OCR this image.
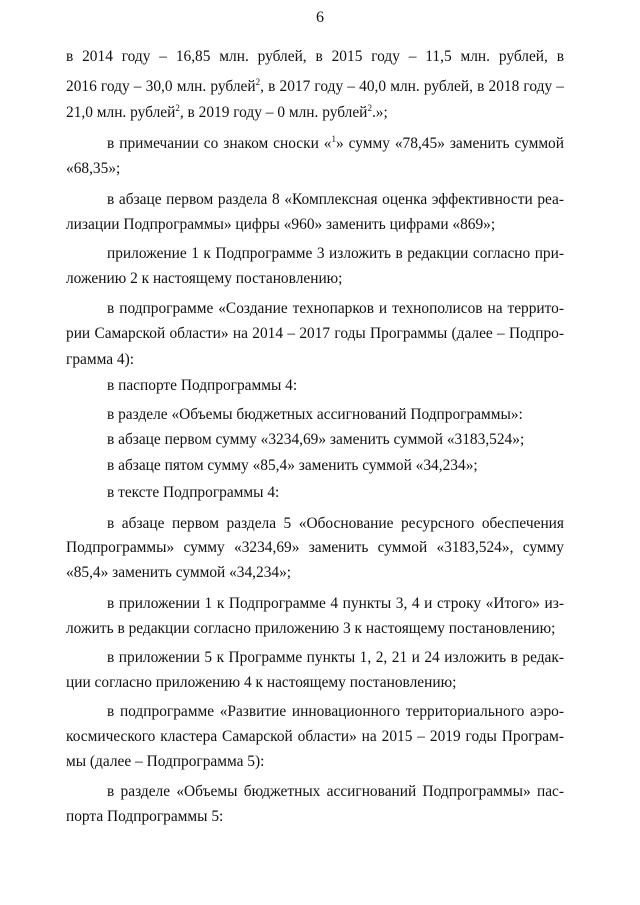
6
в 2014 году – 16,85 млн. рублей, в 2015 году – 11,5 млн. рублей, в
2016 году – 30,0 млн. рублей$^2$, в 2017 году – 40,0 млн. рублей, в 2018 году –
21,0 млн. рублей$^2$, в 2019 году – 0 млн. рублей$^2$.»;
в примечании со знаком сноски «$^1$» сумму «78,45» заменить суммой
«68,35»;
в абзаце первом раздела 8 «Комплексная оценка эффективности реа-
лизации Подпрограммы» цифры «960» заменить цифрами «869»;
приложение 1 к Подпрограмме 3 изложить в редакции согласно при-
ложению 2 к настоящему постановлению;
в подпрограмме «Создание технопарков и технополисов на террито-
рии Самарской области» на 2014 – 2017 годы Программы (далее – Подпро-
грамма 4):
в паспорте Подпрограммы 4:
в разделе «Объемы бюджетных ассигнований Подпрограммы»:
в абзаце первом сумму «3234,69» заменить суммой «3183,524»;
в абзаце пятом сумму «85,4» заменить суммой «34,234»;
в тексте Подпрограммы 4:
в абзаце первом раздела 5 «Обоснование ресурсного обеспечения
Подпрограммы» сумму «3234,69» заменить суммой «3183,524», сумму
«85,4» заменить суммой «34,234»;
в приложении 1 к Подпрограмме 4 пункты 3, 4 и строку «Итого» из-
ложить в редакции согласно приложению 3 к настоящему постановлению;
в приложении 5 к Программе пункты 1, 2, 21 и 24 изложить в редак-
ции согласно приложению 4 к настоящему постановлению;
в подпрограмме «Развитие инновационного территориального аэро-
космического кластера Самарской области» на 2015 – 2019 годы Програм-
мы (далее – Подпрограмма 5):
в разделе «Объемы бюджетных ассигнований Подпрограммы» пас-
порта Подпрограммы 5:
